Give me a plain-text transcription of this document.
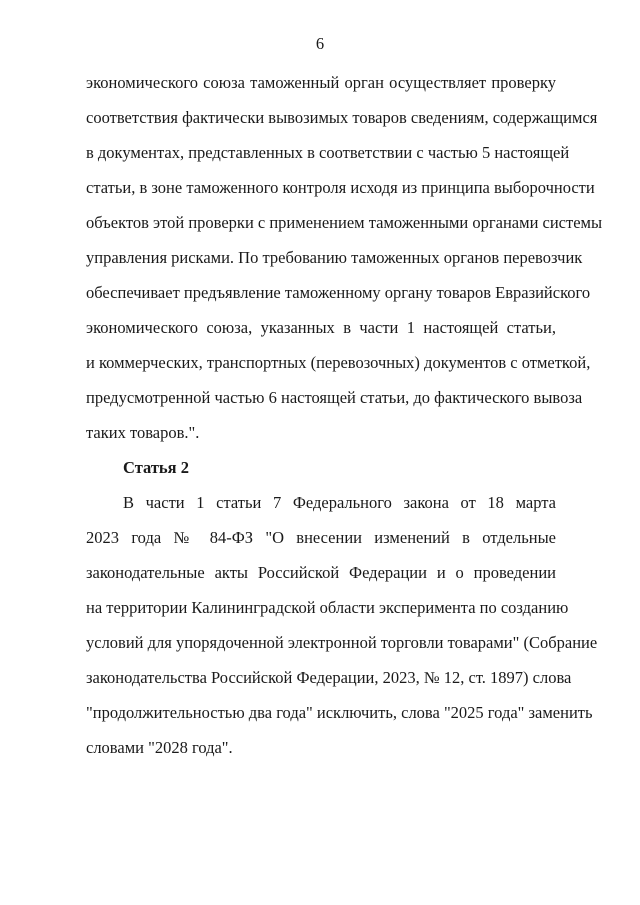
6
экономического союза таможенный орган осуществляет проверку
соответствия фактически вывозимых товаров сведениям, содержащимся
в документах, представленных в соответствии с частью 5 настоящей
статьи, в зоне таможенного контроля исходя из принципа выборочности
объектов этой проверки с применением таможенными органами системы
управления рисками. По требованию таможенных органов перевозчик
обеспечивает предъявление таможенному органу товаров Евразийского
экономического союза, указанных в части 1 настоящей статьи,
и коммерческих, транспортных (перевозочных) документов с отметкой,
предусмотренной частью 6 настоящей статьи, до фактического вывоза
таких товаров.".
Статья 2
В части 1 статьи 7 Федерального закона от 18 марта
2023 года № 84-ФЗ "О внесении изменений в отдельные
законодательные акты Российской Федерации и о проведении
на территории Калининградской области эксперимента по созданию
условий для упорядоченной электронной торговли товарами" (Собрание
законодательства Российской Федерации, 2023, № 12, ст. 1897) слова
"продолжительностью два года" исключить, слова "2025 года" заменить
словами "2028 года".
